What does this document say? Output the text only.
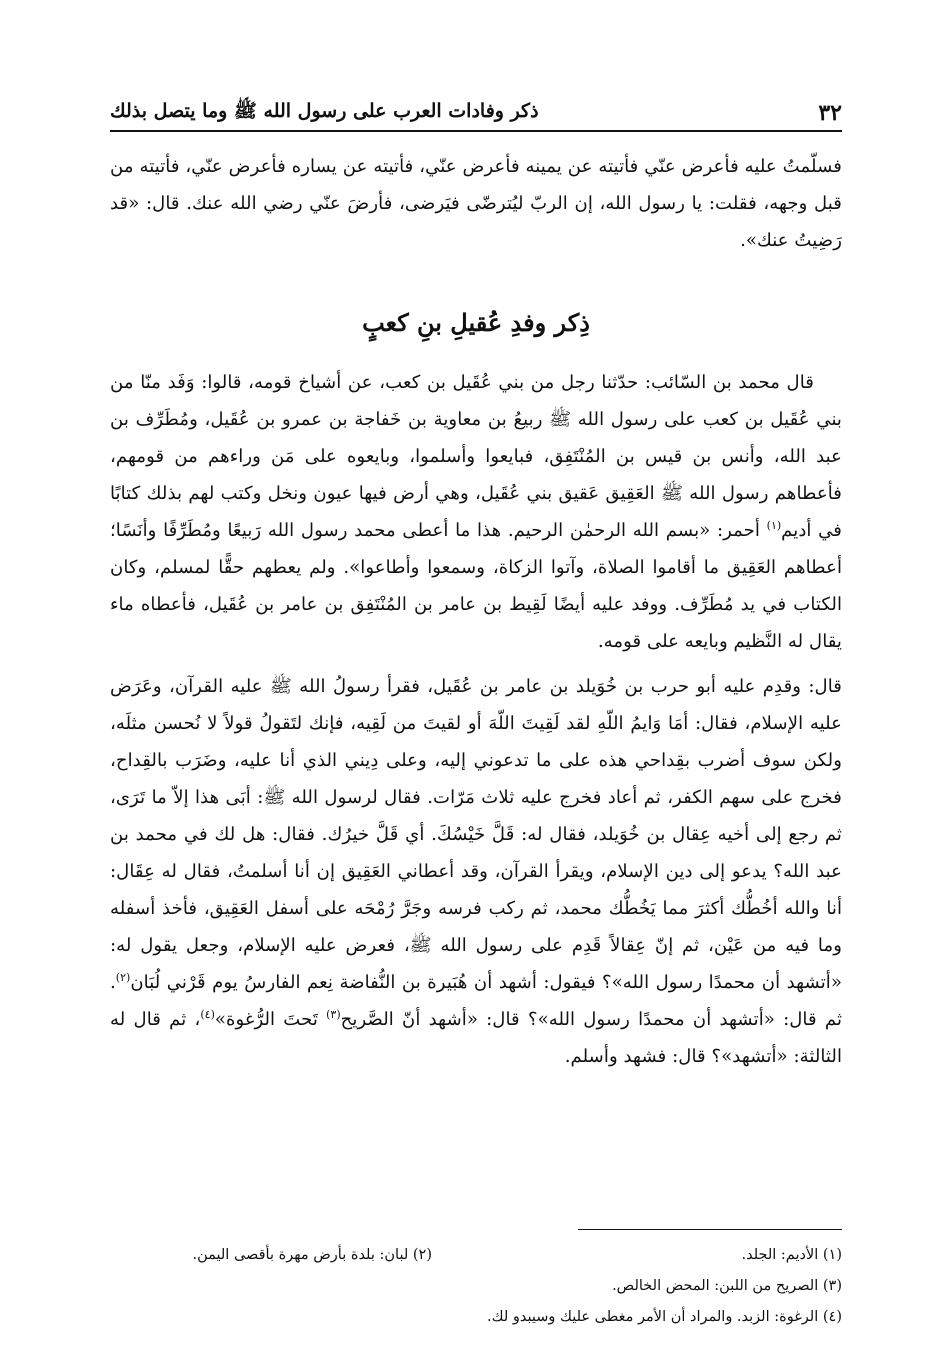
٣٢
ذكر وفادات العرب على رسول الله ﷺ وما يتصل بذلك

فسلّمتُ عليه فأعرض عنّي فأتيته عن يمينه فأعرض عنّي، فأتيته عن يساره فأعرض عنّي، فأتيته من قبل وجهه، فقلت: يا رسول الله، إن الربّ ليُترضّى فيَرضى، فأرضَ عنّي رضي الله عنك. قال: «قد رَضِيتُ عنك».

ذِكر وفدِ عُقيلِ بنِ كعبٍ

قال محمد بن السّائب: حدّثنا رجل من بني عُقَيل بن كعب، عن أشياخ قومه، قالوا: وَفَد منّا من بني عُقَيل بن كعب على رسول الله ﷺ ربيعُ بن معاوية بن خَفاجة بن عمرو بن عُقَيل، ومُطَرِّف بن عبد الله، وأنس بن قيس بن المُنْتَفِق، فبايعوا وأسلموا، وبايعوه على مَن وراءهم من قومهم، فأعطاهم رسول الله ﷺ العَقِيق عَقيق بني عُقَيل، وهي أرض فيها عيون ونخل وكتب لهم بذلك كتابًا في أديم$^{(١)}$ أحمر: «بسم الله الرحمٰن الرحيم. هذا ما أعطى محمد رسول الله رَبيعًا ومُطَرِّفًا وأنَسًا؛ أعطاهم العَقِيق ما أقاموا الصلاة، وآتوا الزكاة، وسمعوا وأطاعوا». ولم يعطهم حقًّا لمسلم، وكان الكتاب في يد مُطَرِّف. ووفد عليه أيضًا لَقِيط بن عامر بن المُنْتَفِق بن عامر بن عُقَيل، فأعطاه ماء يقال له النَّظيم وبايعه على قومه.

قال: وقدِم عليه أبو حرب بن خُوَيلد بن عامر بن عُقَيل، فقرأ رسولُ الله ﷺ عليه القرآن، وعَرَض عليه الإسلام، فقال: أمَا وَايمُ اللّهِ لقد لَقِيتَ اللّهَ أو لقيتَ من لَقِيه، فإنك لتَقولُ قولاً لا نُحسن مثلَه، ولكن سوف أضرب بقِداحي هذه على ما تدعوني إليه، وعلى دِيني الذي أنا عليه، وضَرَب بالقِداح، فخرج على سهم الكفر، ثم أعاد فخرج عليه ثلاث مَرّات. فقال لرسول الله ﷺ: أبَى هذا إلاّ ما تَرَى، ثم رجع إلى أخيه عِقال بن خُوَيلد، فقال له: قَلَّ خَيْسُكَ. أي قَلَّ خيرُك. فقال: هل لك في محمد بن عبد الله؟ يدعو إلى دين الإسلام، ويقرأ القرآن، وقد أعطاني العَقِيق إن أنا أسلمتُ، فقال له عِقَال: أنا والله أخُطُّك أكثرَ مما يَخُطُّك محمد، ثم ركب فرسه وجَرَّ رُمْحَه على أسفل العَقِيق، فأخذ أسفله وما فيه من عَيْن، ثم إنّ عِقالاً قَدِم على رسول الله ﷺ، فعرض عليه الإسلام، وجعل يقول له: «أتشهد أن محمدًا رسول الله»؟ فيقول: أشهد أن هُبَيرة بن النُّفاضة نِعم الفارسُ يوم قَرْني لُبَان$^{(٢)}$. ثم قال: «أتشهد أن محمدًا رسول الله»؟ قال: «أشهد أنّ الصَّريح$^{(٣)}$ تَحتَ الرُّغوة»$^{(٤)}$، ثم قال له الثالثة: «أتشهد»؟ قال: فشهد وأسلم.

(١) الأديم: الجلد.
(٢) لبان: بلدة بأرض مهرة بأقصى اليمن.
(٣) الصريح من اللبن: المحض الخالص.
(٤) الرغوة: الزبد. والمراد أن الأمر مغطى عليك وسيبدو لك.
